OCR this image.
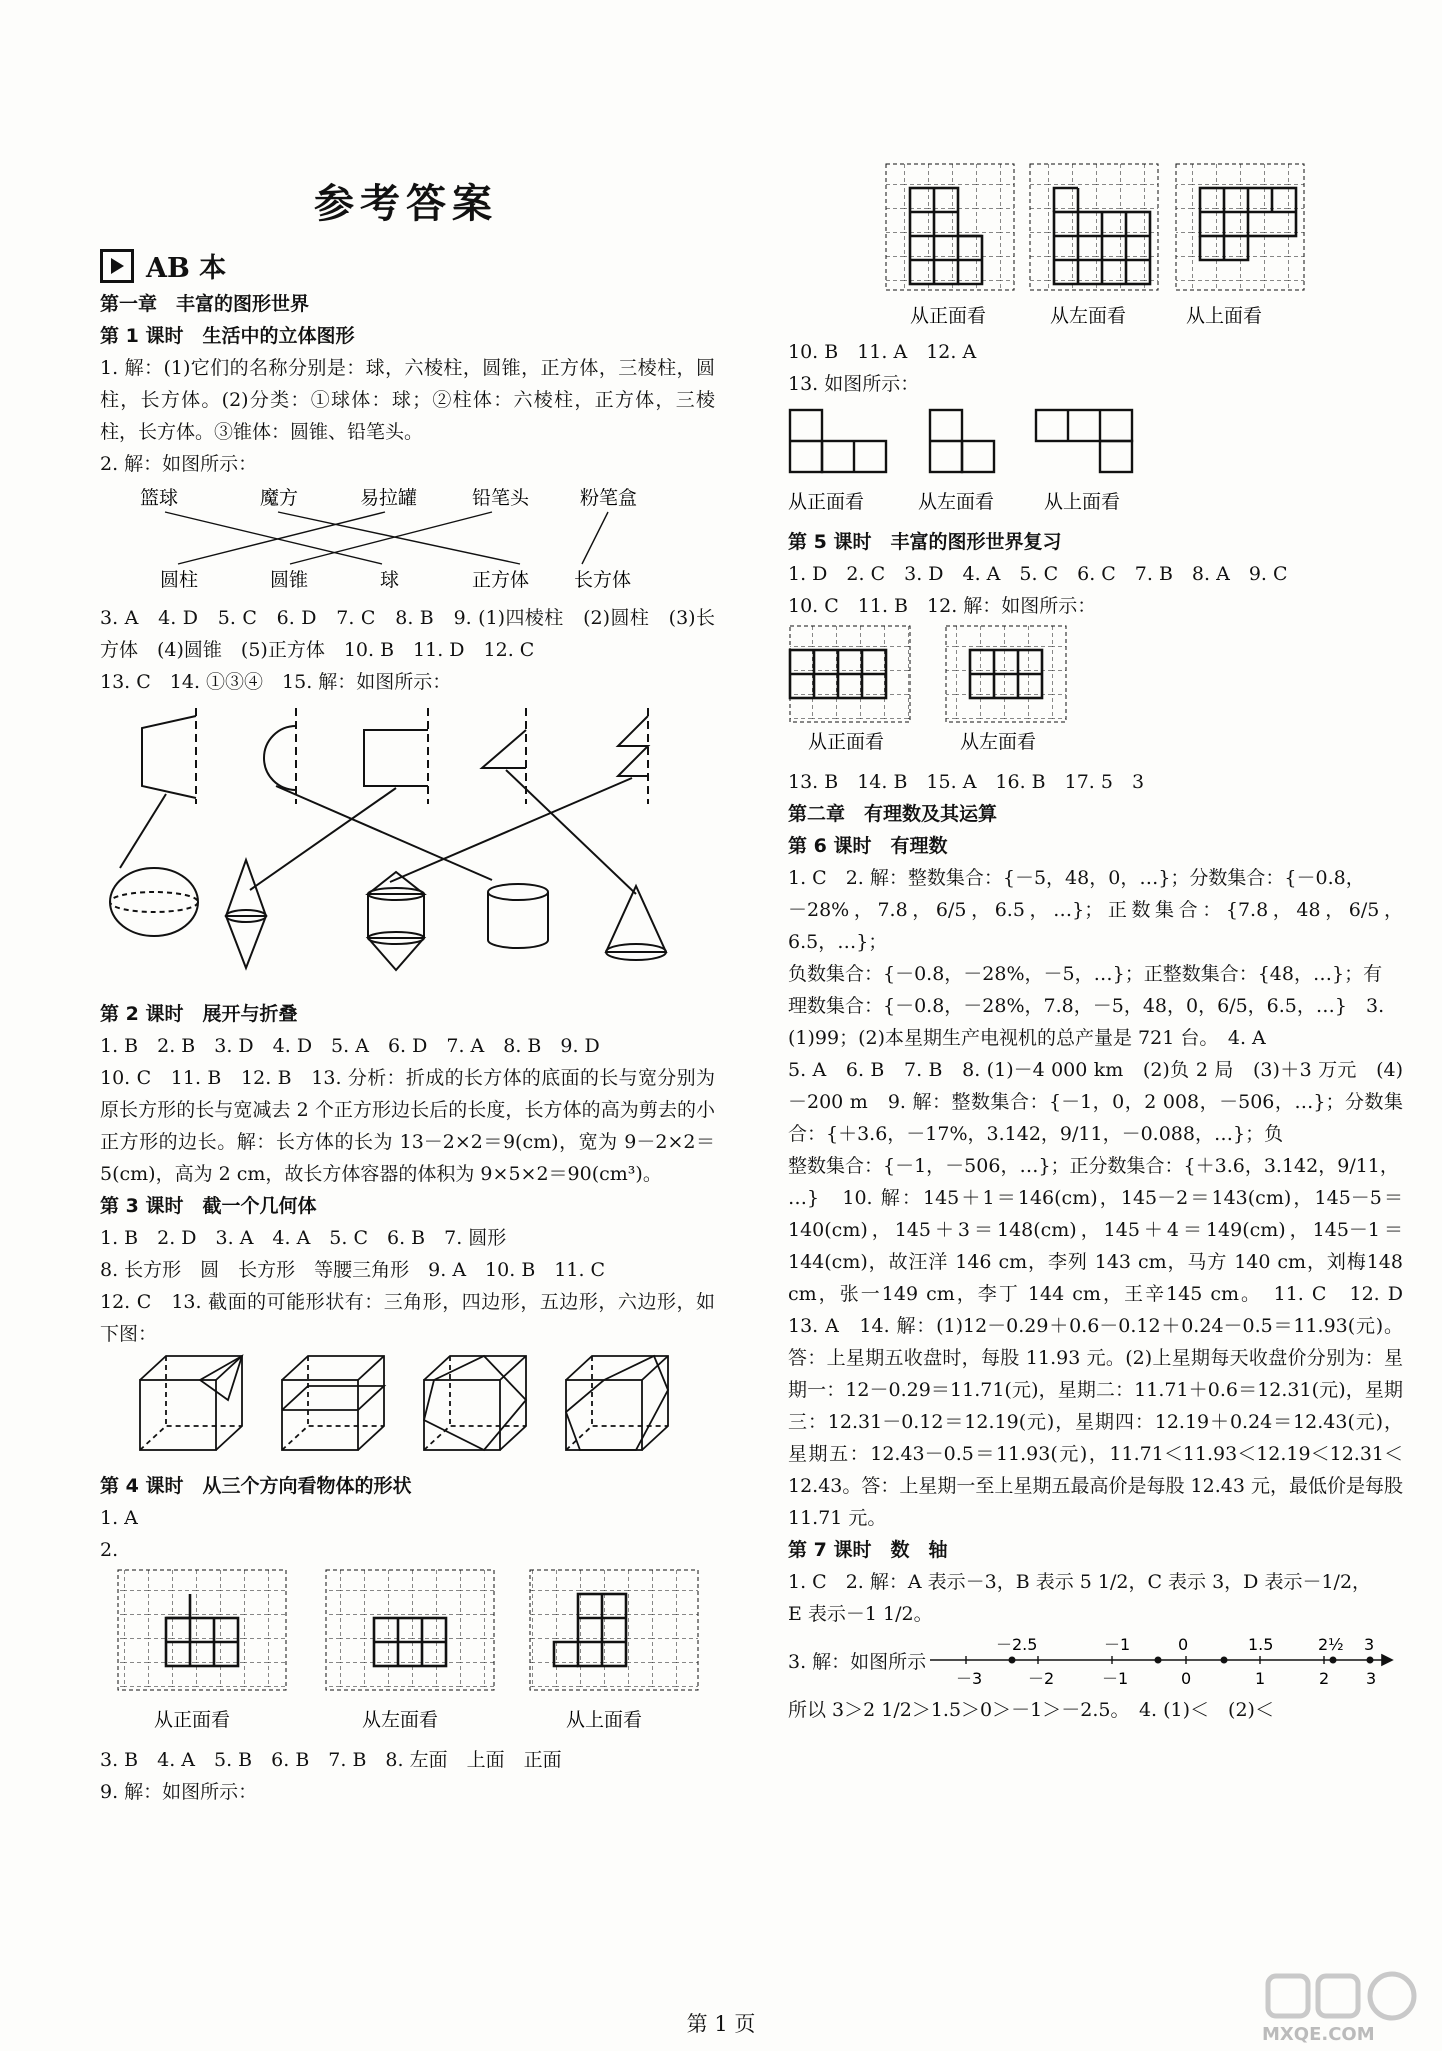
参考答案
AB 本

第一章　丰富的图形世界

第 1 课时　生活中的立体图形

1. 解：(1)它们的名称分别是：球，六棱柱，圆锥，正方体，三棱柱，圆柱，长方体。(2)分类：①球体：球；②柱体：六棱柱，正方体，三棱柱，长方体。③锥体：圆锥、铅笔头。

2. 解：如图所示：

篮球	魔方	易拉罐	铅笔头	粉笔盒
圆柱	圆锥	球	正方体 长方体

3. A　4. D　5. C　6. D　7. C　8. B　9. (1)四棱柱　(2)圆柱　(3)长方体　(4)圆锥　(5)正方体　10. B　11. D　12. C

13. C　14. ①③④　15. 解：如图所示：

第 2 课时　展开与折叠

1. B　2. B　3. D　4. D　5. A　6. D　7. A　8. B　9. D

10. C　11. B　12. B　13. 分析：折成的长方体的底面的长与宽分别为原长方形的长与宽减去 2 个正方形边长后的长度，长方体的高为剪去的小正方形的边长。解：长方体的长为 13－2×2＝9(cm)，宽为 9－2×2＝5(cm)，高为 2 cm，故长方体容器的体积为 9×5×2＝90(cm³)。

第 3 课时　截一个几何体

1. B　2. D　3. A　4. A　5. C　6. B　7. 圆形

8. 长方形　圆　长方形　等腰三角形　9. A　10. B　11. C

12. C　13. 截面的可能形状有：三角形，四边形，五边形，六边形，如下图：

第 4 课时　从三个方向看物体的形状

1. A

2.

从正面看	从左面看	从上面看

3. B　4. A　5. B　6. B　7. B　8. 左面　上面　正面

9. 解：如图所示：

从正面看	从左面看	从上面看

10. B　11. A　12. A

13. 如图所示：

从正面看	从左面看	从上面看

第 5 课时　丰富的图形世界复习

1. D　2. C　3. D　4. A　5. C　6. C　7. B　8. A　9. C

10. C　11. B　12. 解：如图所示：

从正面看	从左面看

13. B　14. B　15. A　16. B　17. 5　3

第二章　有理数及其运算

第 6 课时　有理数

1. C　2. 解：整数集合：{－5，48，0，…}；分数集合：{－0.8，

－28%，7.8，6/5，6.5，…}；正数集合：{7.8，48，6/5，6.5，…}；

负数集合：{－0.8，－28%，－5，…}；正整数集合：{48，…}；有

理数集合：{－0.8，－28%，7.8，－5，48，0，6/5，6.5，…}　3.

(1)99；(2)本星期生产电视机的总产量是 721 台。　4. A

5. A　6. B　7. B　8. (1)－4 000 km　(2)负 2 局　(3)＋3 万元　(4)－200 m　9. 解：整数集合：{－1，0，2 008，－506，…}；分数集合：{＋3.6，－17%，3.142，9/11，－0.088，…}；负

整数集合：{－1，－506，…}；正分数集合：{＋3.6，3.142，9/11，

…}　10. 解：145＋1＝146(cm)，145－2＝143(cm)，145－5＝140(cm)，145＋3＝148(cm)，145＋4＝149(cm)，145－1＝144(cm)，故汪洋 146 cm，李列 143 cm，马方 140 cm，刘梅148 cm，张一149 cm，李丁 144 cm，王辛145 cm。　11. C　12. D　13. A　14. 解：(1)12－0.29＋0.6－0.12＋0.24－0.5＝11.93(元)。答：上星期五收盘时，每股 11.93 元。(2)上星期每天收盘价分别为：星期一：12－0.29＝11.71(元)，星期二：11.71＋0.6＝12.31(元)，星期三：12.31－0.12＝12.19(元)，星期四：12.19＋0.24＝12.43(元)，星期五：12.43－0.5＝11.93(元)，11.71＜11.93＜12.19＜12.31＜12.43。答：上星期一至上星期五最高价是每股 12.43 元，最低价是每股 11.71 元。

第 7 课时　数　轴

1. C　2. 解：A 表示－3，B 表示 5 1/2，C 表示 3，D 表示－1/2，

E 表示－1 1/2。

3. 解：如图所示
－2.5	－1	0	1.5	2½ 3
－3	－2	－1	0	1	2 3

所以 3＞2 1/2＞1.5＞0＞－1＞－2.5。　4. (1)＜　(2)＜

第 1 页	MXQE.COM
